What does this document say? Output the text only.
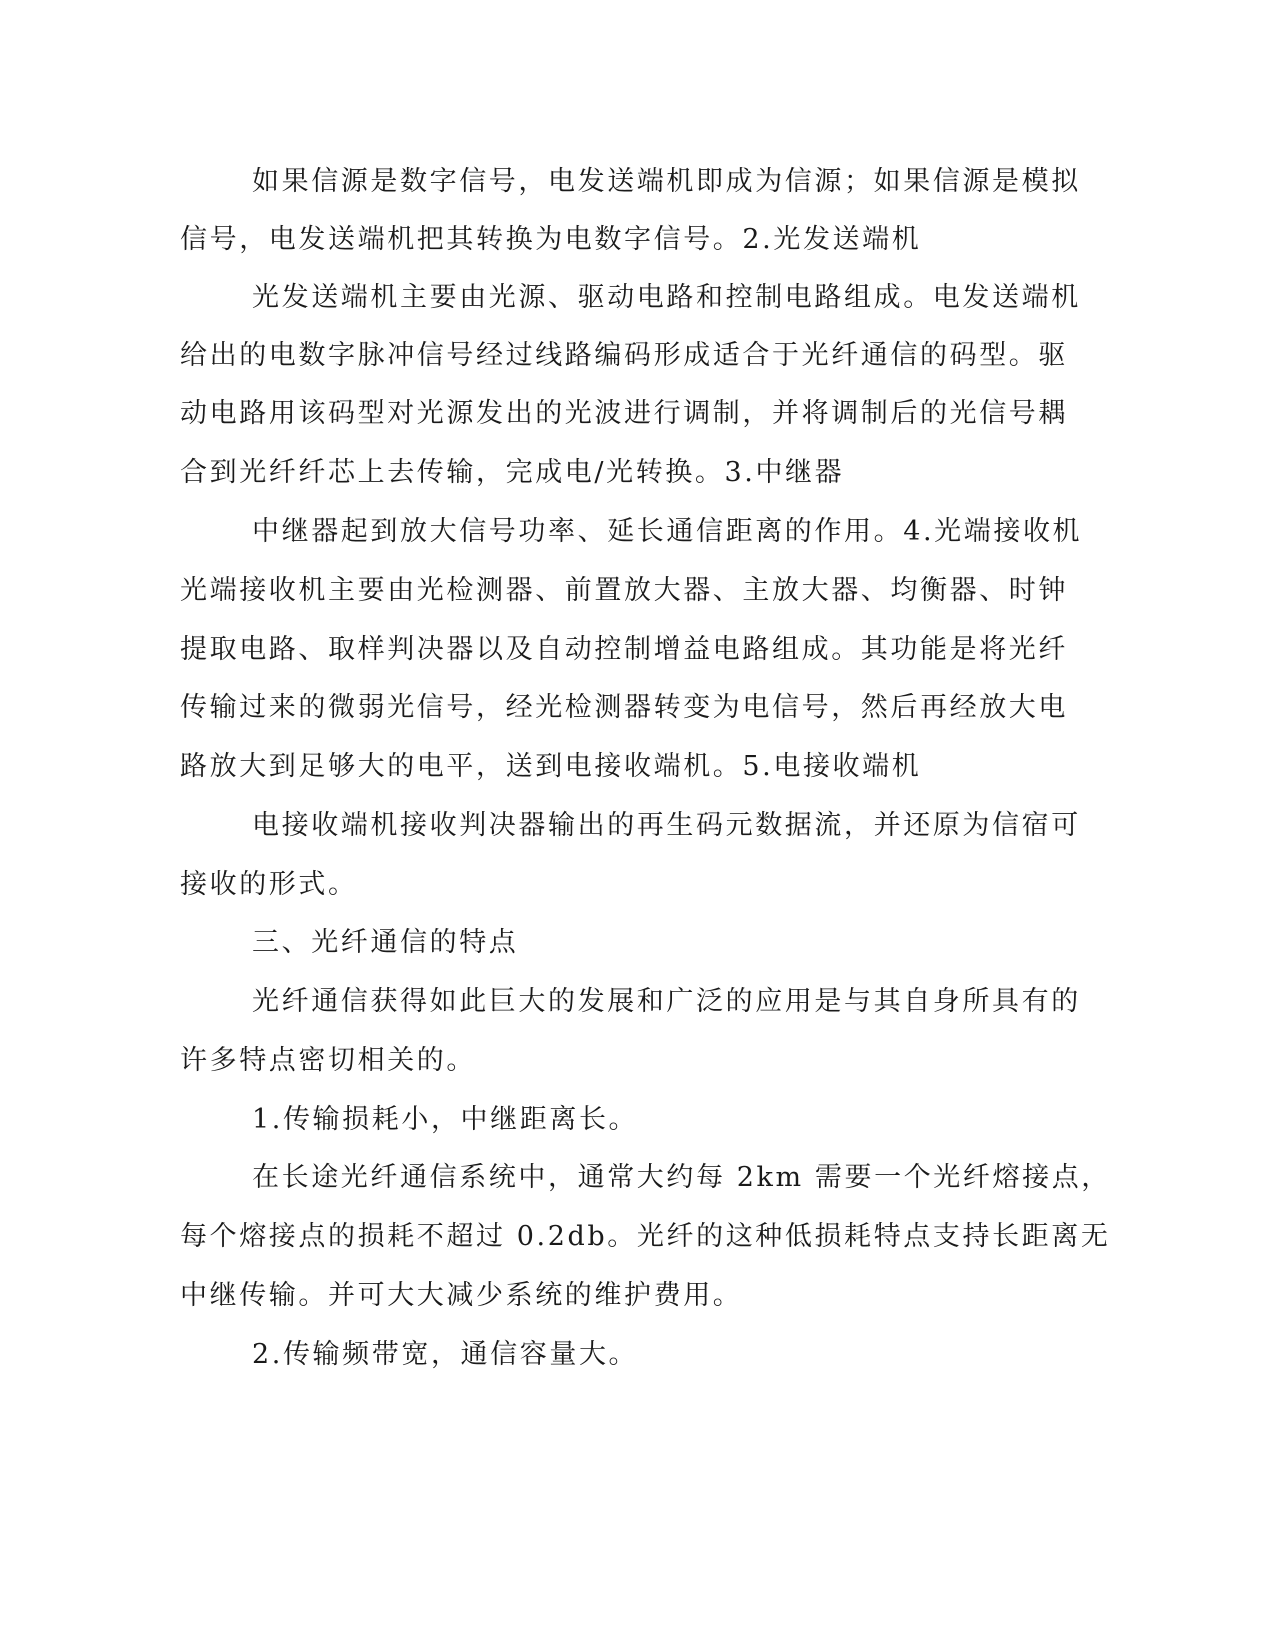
如果信源是数字信号，电发送端机即成为信源；如果信源是模拟
信号，电发送端机把其转换为电数字信号。2.光发送端机
光发送端机主要由光源、驱动电路和控制电路组成。电发送端机
给出的电数字脉冲信号经过线路编码形成适合于光纤通信的码型。驱
动电路用该码型对光源发出的光波进行调制，并将调制后的光信号耦
合到光纤纤芯上去传输，完成电/光转换。3.中继器
中继器起到放大信号功率、延长通信距离的作用。4.光端接收机
光端接收机主要由光检测器、前置放大器、主放大器、均衡器、时钟
提取电路、取样判决器以及自动控制增益电路组成。其功能是将光纤
传输过来的微弱光信号，经光检测器转变为电信号，然后再经放大电
路放大到足够大的电平，送到电接收端机。5.电接收端机
电接收端机接收判决器输出的再生码元数据流，并还原为信宿可
接收的形式。
三、光纤通信的特点
光纤通信获得如此巨大的发展和广泛的应用是与其自身所具有的
许多特点密切相关的。
1.传输损耗小，中继距离长。
在长途光纤通信系统中，通常大约每 2km 需要一个光纤熔接点，
每个熔接点的损耗不超过 0.2db。光纤的这种低损耗特点支持长距离无
中继传输。并可大大减少系统的维护费用。
2.传输频带宽，通信容量大。
